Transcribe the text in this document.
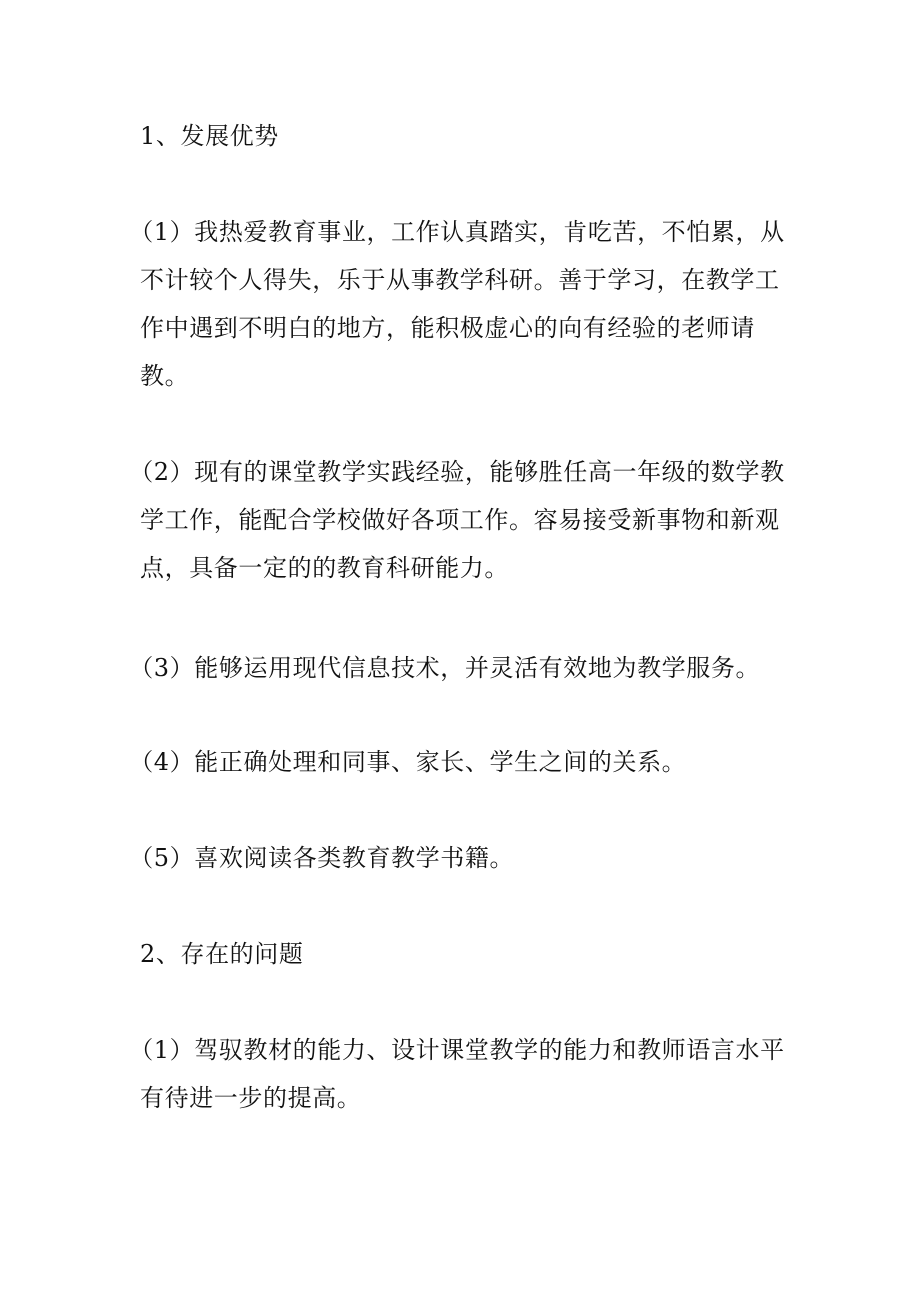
1、发展优势

（1）我热爱教育事业，工作认真踏实，肯吃苦，不怕累，从不计较个人得失，乐于从事教学科研。善于学习，在教学工作中遇到不明白的地方，能积极虚心的向有经验的老师请教。

（2）现有的课堂教学实践经验，能够胜任高一年级的数学教学工作，能配合学校做好各项工作。容易接受新事物和新观点，具备一定的的教育科研能力。

（3）能够运用现代信息技术，并灵活有效地为教学服务。

（4）能正确处理和同事、家长、学生之间的关系。

（5）喜欢阅读各类教育教学书籍。

2、存在的问题

（1）驾驭教材的能力、设计课堂教学的能力和教师语言水平有待进一步的提高。
